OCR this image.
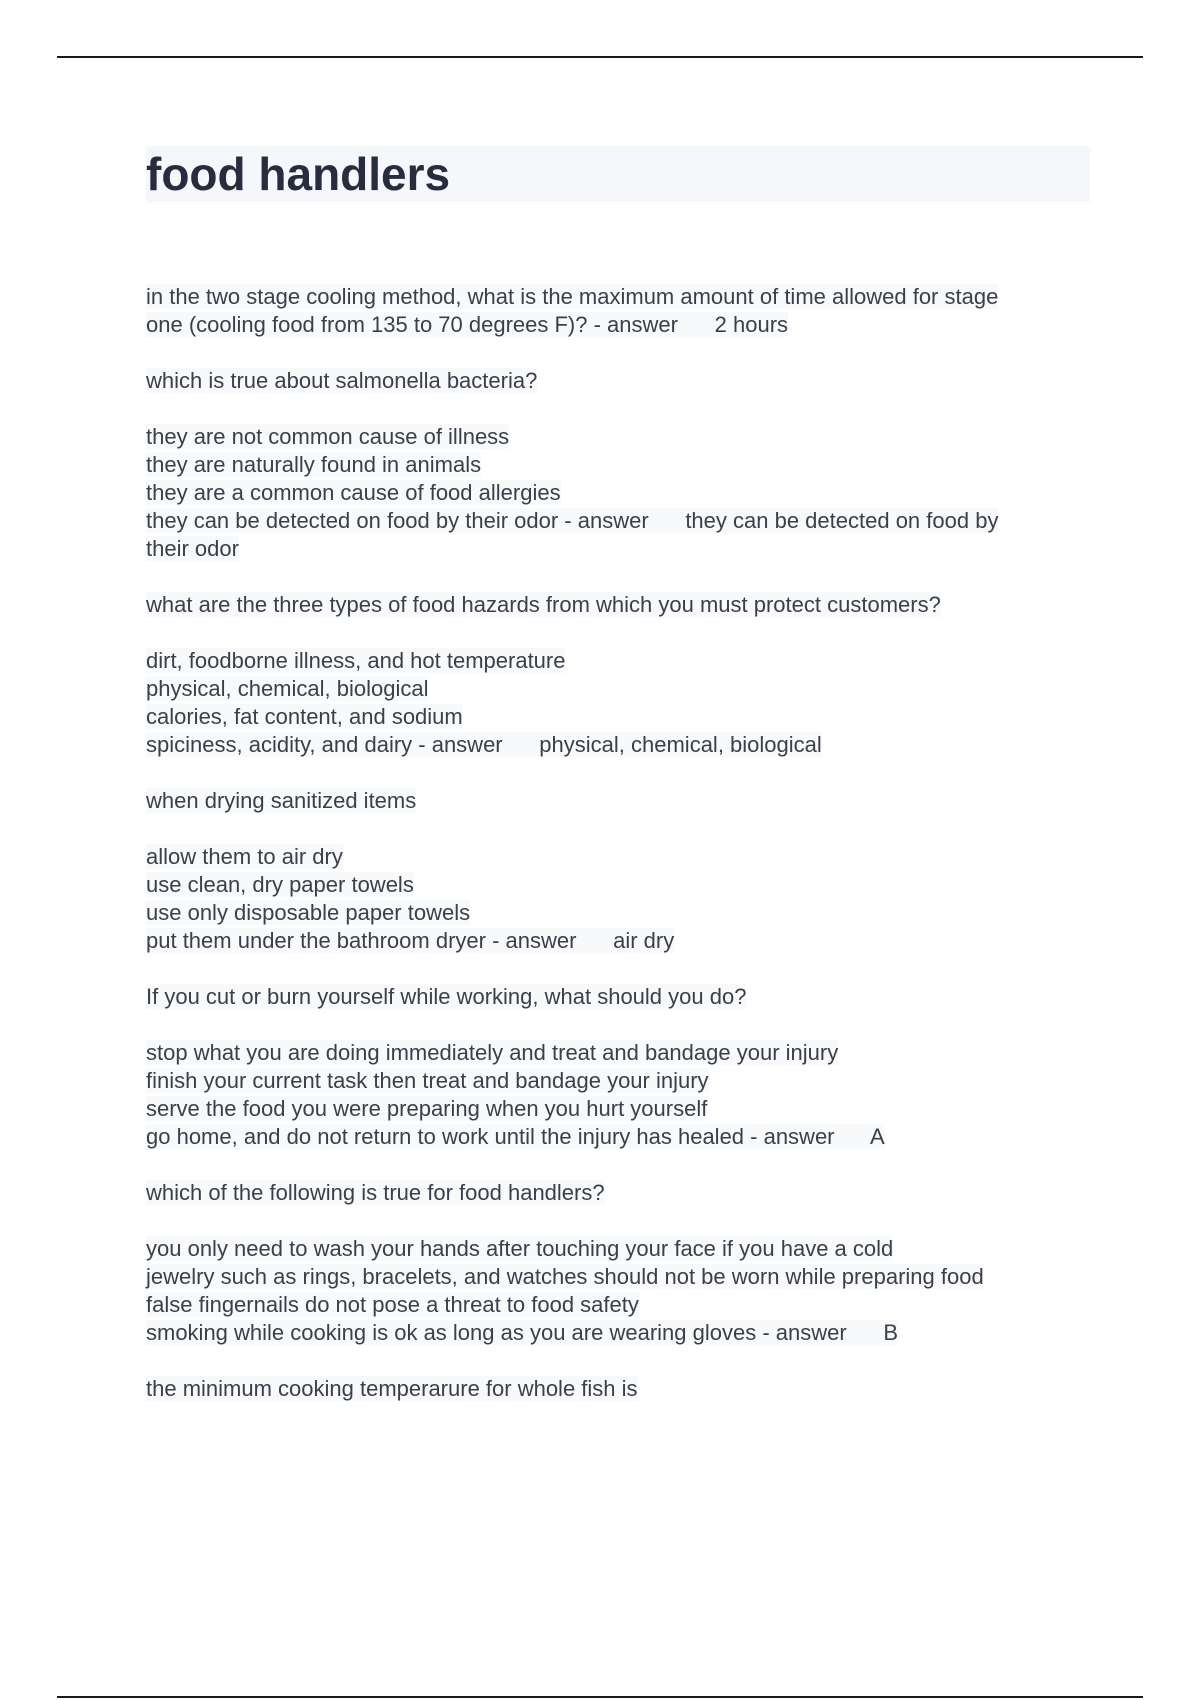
food handlers
in the two stage cooling method, what is the maximum amount of time allowed for stage
one (cooling food from 135 to 70 degrees F)? - answer      2 hours
which is true about salmonella bacteria?
they are not common cause of illness
they are naturally found in animals
they are a common cause of food allergies
they can be detected on food by their odor - answer      they can be detected on food by
their odor
what are the three types of food hazards from which you must protect customers?
dirt, foodborne illness, and hot temperature
physical, chemical, biological
calories, fat content, and sodium
spiciness, acidity, and dairy - answer      physical, chemical, biological
when drying sanitized items
allow them to air dry
use clean, dry paper towels
use only disposable paper towels
put them under the bathroom dryer - answer      air dry
If you cut or burn yourself while working, what should you do?
stop what you are doing immediately and treat and bandage your injury
finish your current task then treat and bandage your injury
serve the food you were preparing when you hurt yourself
go home, and do not return to work until the injury has healed - answer      A
which of the following is true for food handlers?
you only need to wash your hands after touching your face if you have a cold
jewelry such as rings, bracelets, and watches should not be worn while preparing food
false fingernails do not pose a threat to food safety
smoking while cooking is ok as long as you are wearing gloves - answer      B
the minimum cooking temperarure for whole fish is
